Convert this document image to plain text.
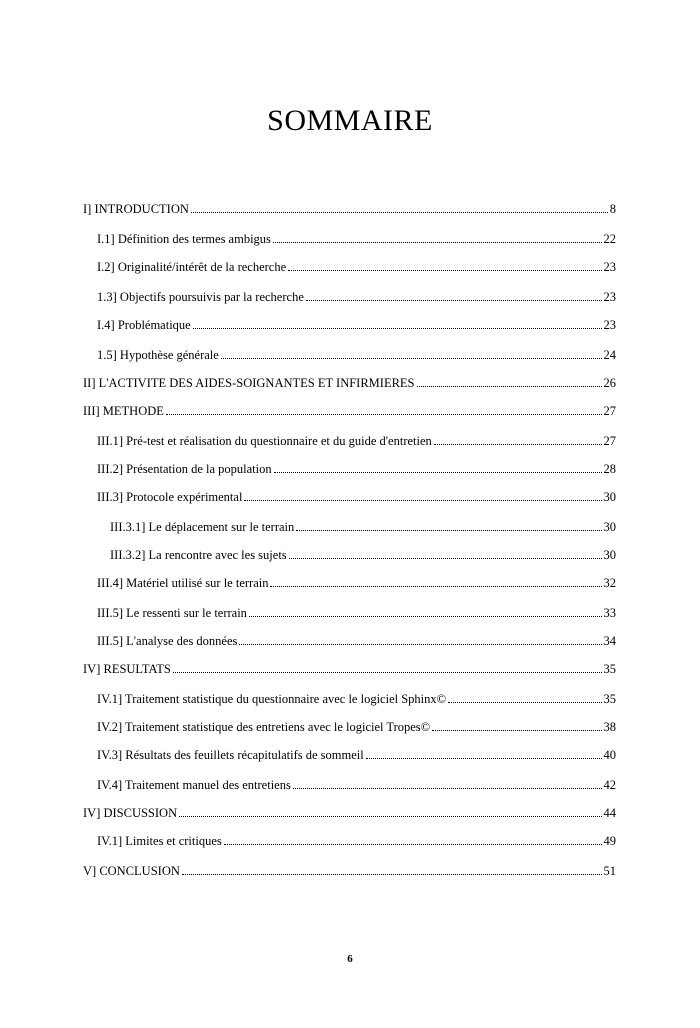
SOMMAIRE
I] INTRODUCTION	8
I.1] Définition des termes ambigus	22
I.2] Originalité/intérêt de la recherche	23
1.3] Objectifs poursuivis par la recherche	23
I.4] Problématique	23
1.5] Hypothèse générale	24
II] L'ACTIVITE DES AIDES-SOIGNANTES ET INFIRMIERES	26
III] METHODE	27
III.1] Pré-test et réalisation du questionnaire et du guide d'entretien	27
III.2] Présentation de la population	28
III.3] Protocole expérimental	30
III.3.1] Le déplacement sur le terrain	30
III.3.2] La rencontre avec les sujets	30
III.4] Matériel utilisé sur le terrain	32
III.5] Le ressenti sur le terrain	33
III.5] L'analyse des données	34
IV] RESULTATS	35
IV.1] Traitement statistique du questionnaire avec le logiciel Sphinx©	35
IV.2] Traitement statistique des entretiens avec le logiciel Tropes©	38
IV.3] Résultats des feuillets récapitulatifs de sommeil	40
IV.4] Traitement manuel des entretiens	42
IV] DISCUSSION	44
IV.1] Limites et critiques	49
V] CONCLUSION	51
6
